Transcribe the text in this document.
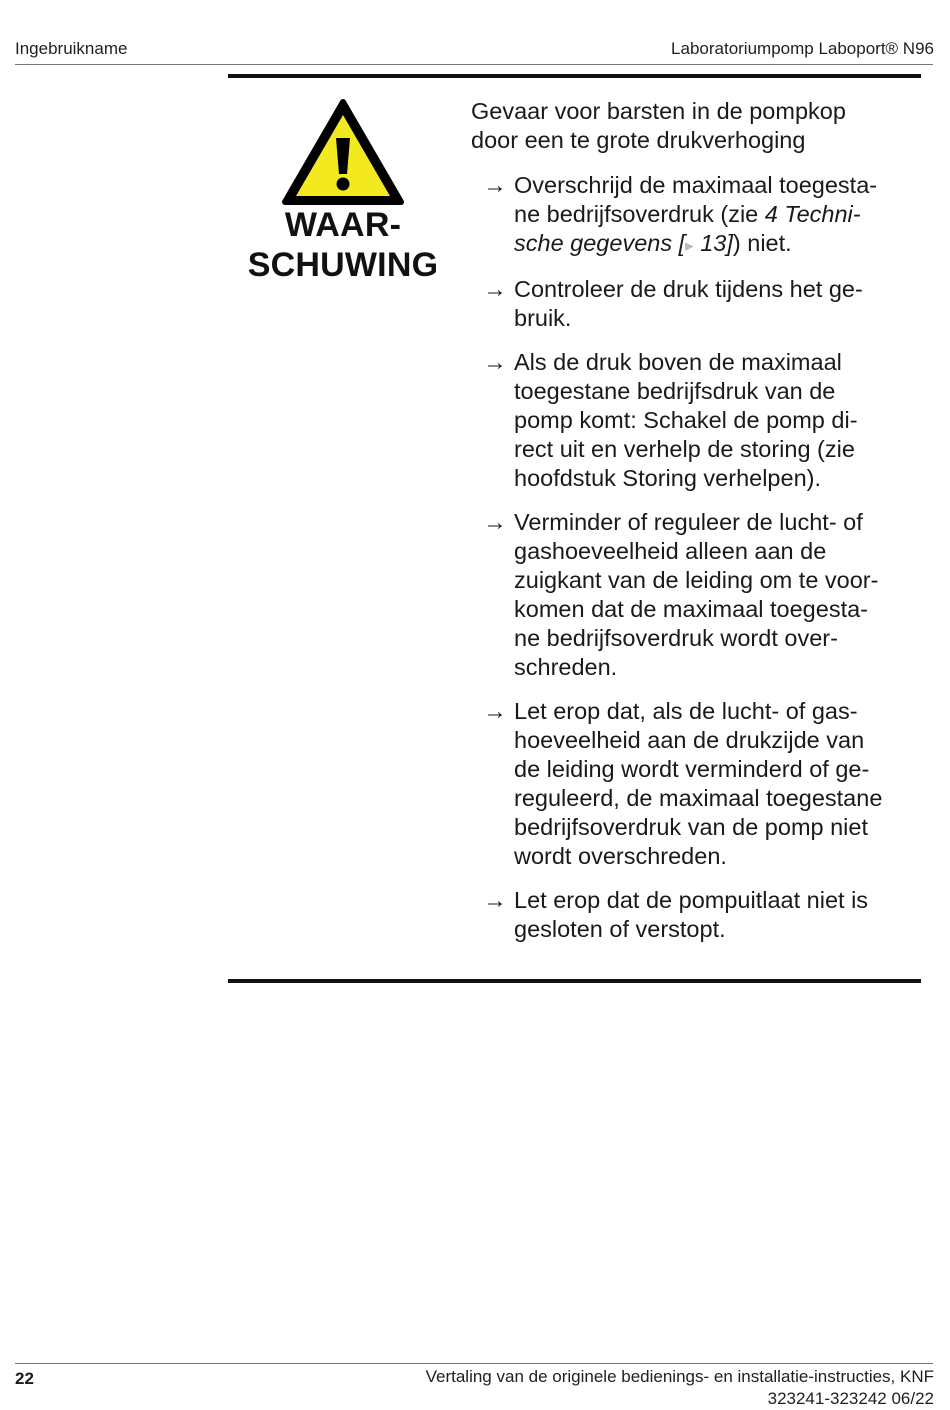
Ingebruikname	Laboratoriumpomp Laboport® N96
WAAR-
SCHUWING
Gevaar voor barsten in de pompkop
door een te grote drukverhoging
→ Overschrijd de maximaal toegesta-
ne bedrijfsoverdruk (zie 4 Techni-
sche gegevens [▸ 13]) niet.
→ Controleer de druk tijdens het ge-
bruik.
→ Als de druk boven de maximaal
toegestane bedrijfsdruk van de
pomp komt: Schakel de pomp di-
rect uit en verhelp de storing (zie
hoofdstuk Storing verhelpen).
→ Verminder of reguleer de lucht- of
gashoeveelheid alleen aan de
zuigkant van de leiding om te voor-
komen dat de maximaal toegesta-
ne bedrijfsoverdruk wordt over-
schreden.
→ Let erop dat, als de lucht- of gas-
hoeveelheid aan de drukzijde van
de leiding wordt verminderd of ge-
reguleerd, de maximaal toegestane
bedrijfsoverdruk van de pomp niet
wordt overschreden.
→ Let erop dat de pompuitlaat niet is
gesloten of verstopt.
22	Vertaling van de originele bedienings- en installatie-instructies, KNF
323241-323242 06/22
